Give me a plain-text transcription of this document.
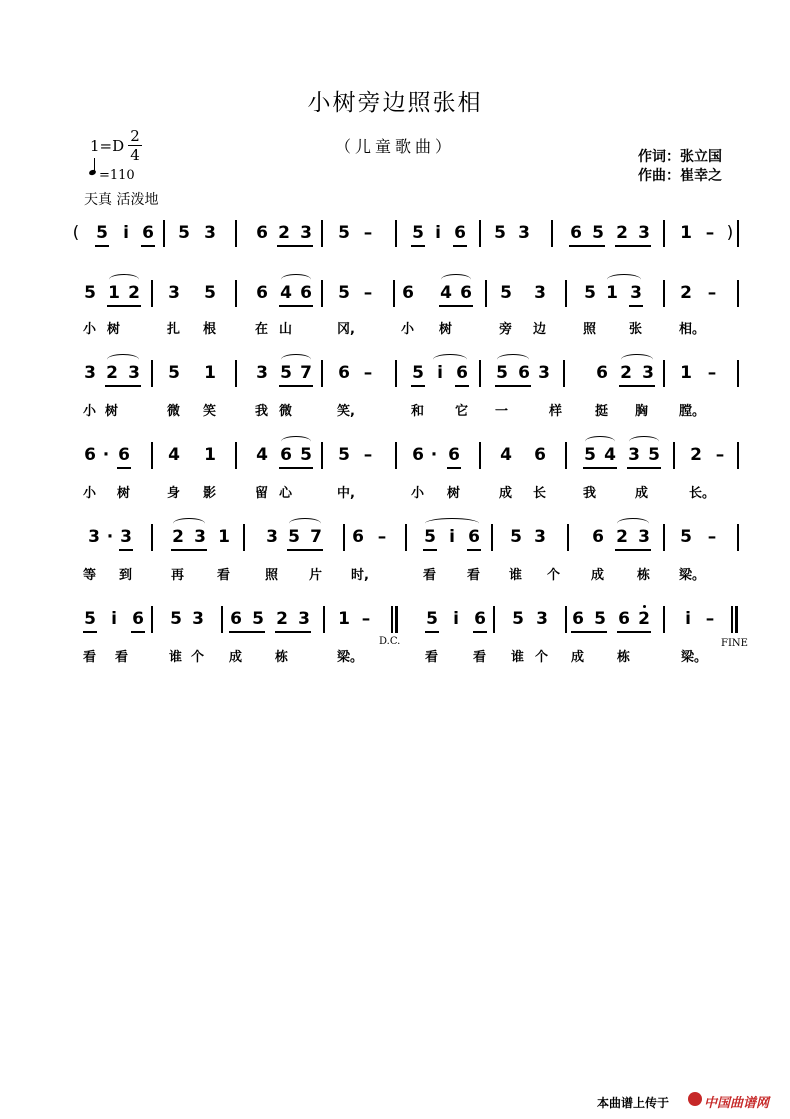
小树旁边照张相
（儿童歌曲）
1=D
2
4
=110
天真 活泼地
作词：张立国
作曲：崔幸之
( 5 i 6 5 3 6 2 3 5 – 5 i 6 5 3 6 5 2 3 1 – )
5 1 2 3 5 6 4 6 5 – 6 4 6 5 3 5 1 3 2 –
小 树	扎 根	在 山	冈,	小 树	旁 边	照	张	相。
3 2 3 5 1 3 5 7 6 – 5 i 6 5 6 3	6 2 3 1 –
小 树	微 笑	我 微	笑,	和 它 一	样	挺 胸 膛。
6 · 6 4 1 4 6 5 5 – 6 · 6 4 6 5 4 3 5 2 –
小 树	身 影	留 心	中,	小 树	成 长	我	成	长。
3 · 3 2 3 1 3 5 7 6 – 5 i 6 5 3	6 2 3 5 –
等 到	再	看	照 片 时,	看 看 谁 个 成	栋 梁。
5 i 6 5 3 6 5 2 3 1 –
D.C.
5 i 6 5 3 6 5 6 2 i –
FINE
看 看	谁 个 成	栋	梁。	看	看 谁 个 成	栋	梁。
本曲谱上传于	中国曲谱网
